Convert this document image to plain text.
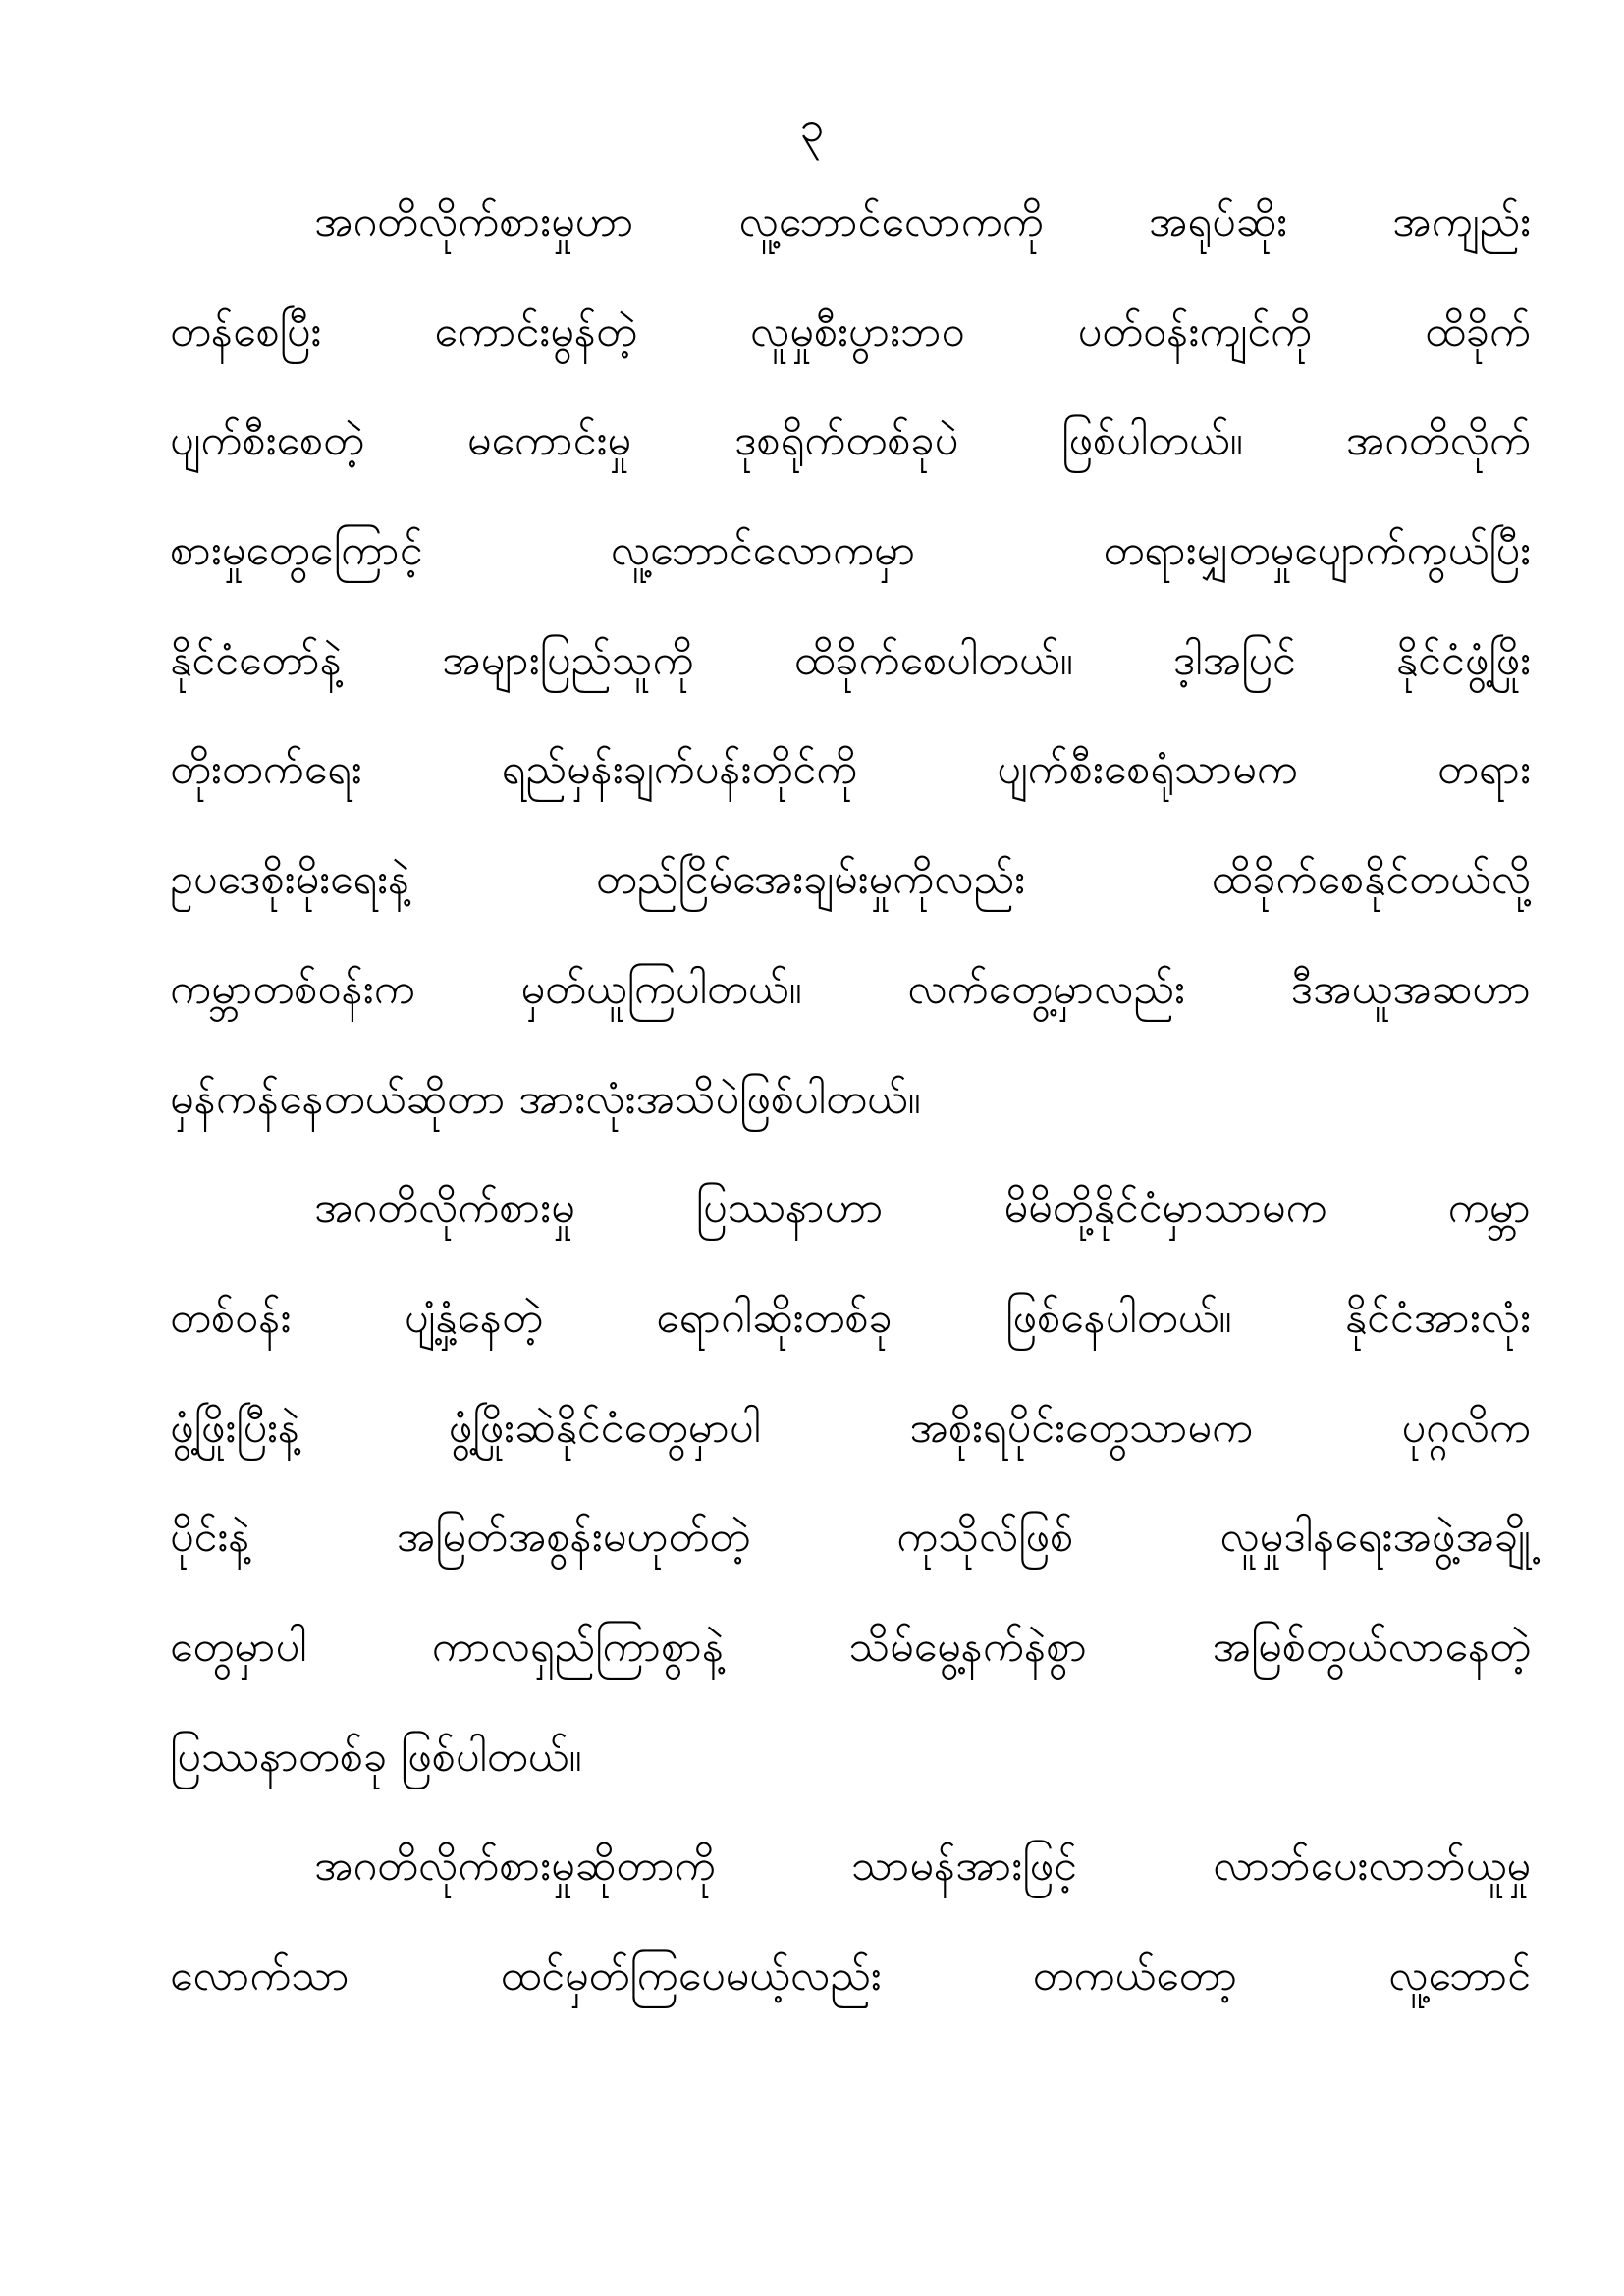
၃
အဂတိလိုက်စားမှုဟာ လူ့ဘောင်လောကကို အရုပ်ဆိုး အကျည်း
တန်စေပြီး ကောင်းမွန်တဲ့ လူမှုစီးပွားဘဝ ပတ်ဝန်းကျင်ကို ထိခိုက်
ပျက်စီးစေတဲ့ မကောင်းမှု ဒုစရိုက်တစ်ခုပဲ ဖြစ်ပါတယ်။ အဂတိလိုက်
စားမှုတွေကြောင့် လူ့ဘောင်လောကမှာ တရားမျှတမှုပျောက်ကွယ်ပြီး
နိုင်ငံတော်နဲ့ အများပြည်သူကို ထိခိုက်စေပါတယ်။ ဒ့ါအပြင် နိုင်ငံဖွံ့ဖြိုး
တိုးတက်ရေး ရည်မှန်းချက်ပန်းတိုင်ကို ပျက်စီးစေရုံသာမက တရား
ဥပဒေစိုးမိုးရေးနဲ့ တည်ငြိမ်အေးချမ်းမှုကိုလည်း ထိခိုက်စေနိုင်တယ်လို့
ကမ္ဘာတစ်ဝန်းက မှတ်ယူကြပါတယ်။ လက်တွေ့မှာလည်း ဒီအယူအဆဟာ
မှန်ကန်နေတယ်ဆိုတာ အားလုံးအသိပဲဖြစ်ပါတယ်။
အဂတိလိုက်စားမှု ပြဿနာဟာ မိမိတို့နိုင်ငံမှာသာမက ကမ္ဘာ
တစ်ဝန်း ပျံ့နှံ့နေတဲ့ ရောဂါဆိုးတစ်ခု ဖြစ်နေပါတယ်။ နိုင်ငံအားလုံး
ဖွံ့ဖြိုးပြီးနဲ့ ဖွံ့ဖြိုးဆဲနိုင်ငံတွေမှာပါ အစိုးရပိုင်းတွေသာမက ပုဂ္ဂလိက
ပိုင်းနဲ့ အမြတ်အစွန်းမဟုတ်တဲ့ ကုသိုလ်ဖြစ် လူမှုဒါနရေးအဖွဲ့အချို့
တွေမှာပါ ကာလရှည်ကြာစွာနဲ့ သိမ်မွေ့နက်နဲစွာ အမြစ်တွယ်လာနေတဲ့
ပြဿနာတစ်ခု ဖြစ်ပါတယ်။
အဂတိလိုက်စားမှုဆိုတာကို သာမန်အားဖြင့် လာဘ်ပေးလာဘ်ယူမှု
လောက်သာ ထင်မှတ်ကြပေမယ့်လည်း တကယ်တော့ လူ့ဘောင်
